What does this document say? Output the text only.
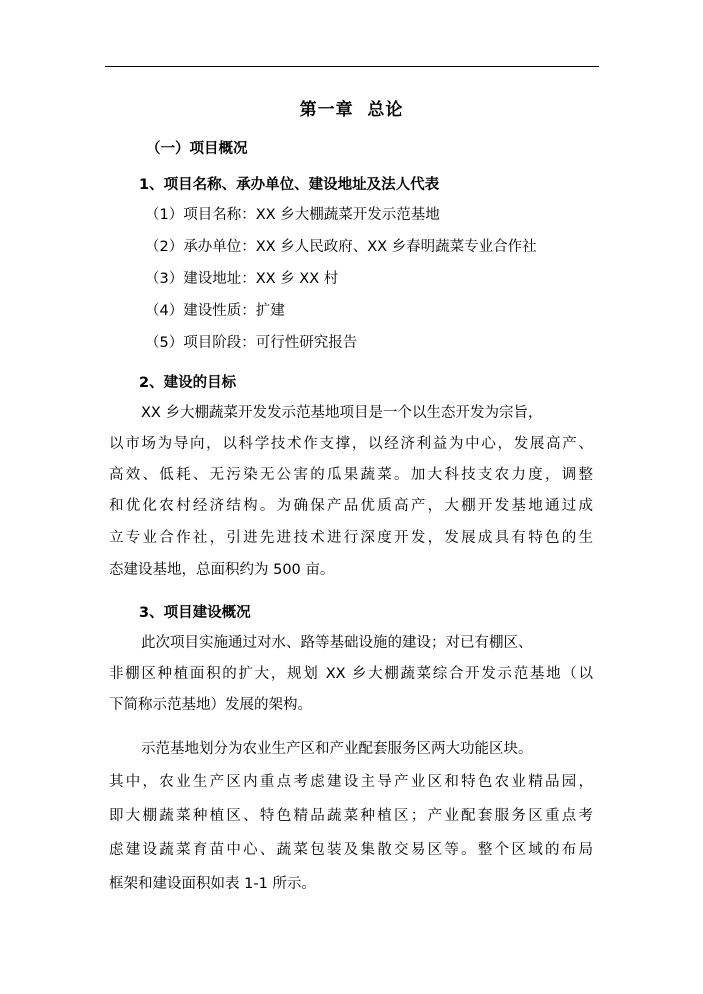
第一章  总论
（一）项目概况
1、项目名称、承办单位、建设地址及法人代表
（1）项目名称：XX 乡大棚蔬菜开发示范基地
（2）承办单位：XX 乡人民政府、XX 乡春明蔬菜专业合作社
（3）建设地址：XX 乡 XX 村
（4）建设性质：扩建
（5）项目阶段：可行性研究报告
2、建设的目标
XX 乡大棚蔬菜开发发示范基地项目是一个以生态开发为宗旨，
以市场为导向，以科学技术作支撑，以经济利益为中心，发展高产、
高效、低耗、无污染无公害的瓜果蔬菜。加大科技支农力度，调整
和优化农村经济结构。为确保产品优质高产，大棚开发基地通过成
立专业合作社，引进先进技术进行深度开发，发展成具有特色的生
态建设基地，总面积约为 500 亩。
3、项目建设概况
此次项目实施通过对水、路等基础设施的建设；对已有棚区、
非棚区种植面积的扩大，规划 XX 乡大棚蔬菜综合开发示范基地（以
下简称示范基地）发展的架构。
示范基地划分为农业生产区和产业配套服务区两大功能区块。
其中，农业生产区内重点考虑建设主导产业区和特色农业精品园，
即大棚蔬菜种植区、特色精品蔬菜种植区；产业配套服务区重点考
虑建设蔬菜育苗中心、蔬菜包装及集散交易区等。整个区域的布局
框架和建设面积如表 1-1 所示。
